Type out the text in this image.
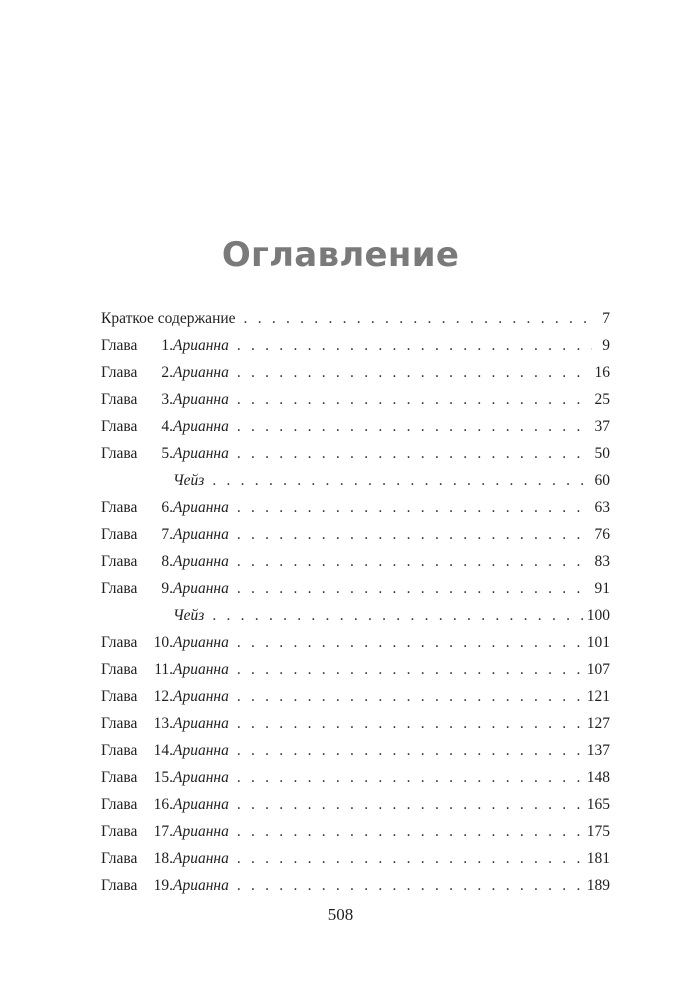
Оглавление
Краткое содержание . . .	7
Глава 1. Арианна . . .	9
Глава 2. Арианна . . .	16
Глава 3. Арианна . . .	25
Глава 4. Арианна . . .	37
Глава 5. Арианна . . .	50
Чейз . . .	60
Глава 6. Арианна . . .	63
Глава 7. Арианна . . .	76
Глава 8. Арианна . . .	83
Глава 9. Арианна . . .	91
Чейз . . .	100
Глава 10. Арианна . . .	101
Глава 11. Арианна . . .	107
Глава 12. Арианна . . .	121
Глава 13. Арианна . . .	127
Глава 14. Арианна . . .	137
Глава 15. Арианна . . .	148
Глава 16. Арианна . . .	165
Глава 17. Арианна . . .	175
Глава 18. Арианна . . .	181
Глава 19. Арианна . . .	189
508
